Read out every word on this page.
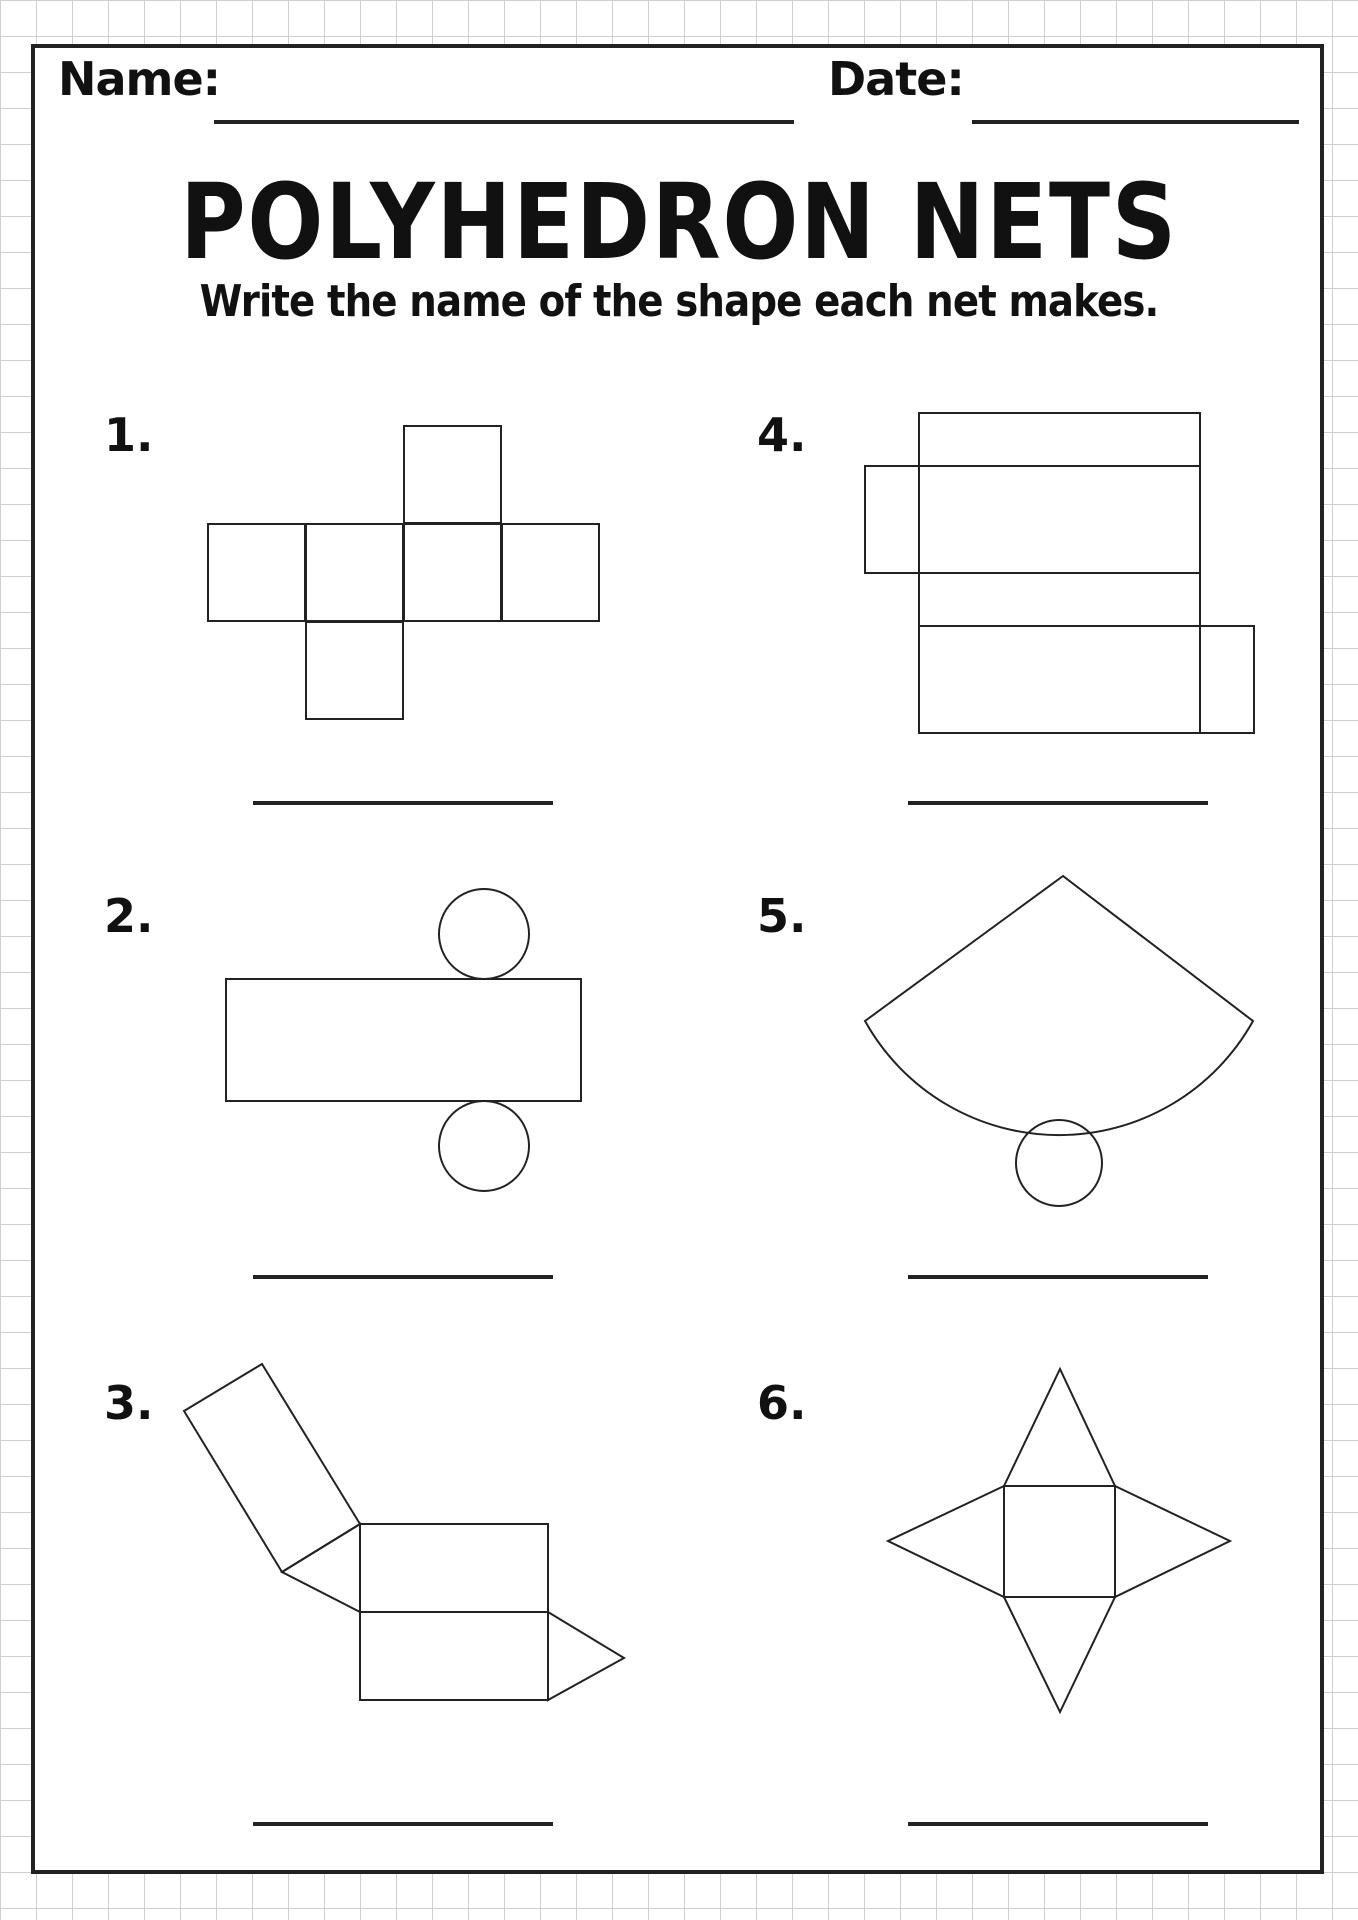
Name:	Date:
POLYHEDRON NETS
Write the name of the shape each net makes.
1.
2.
3.
4.
5.
6.
